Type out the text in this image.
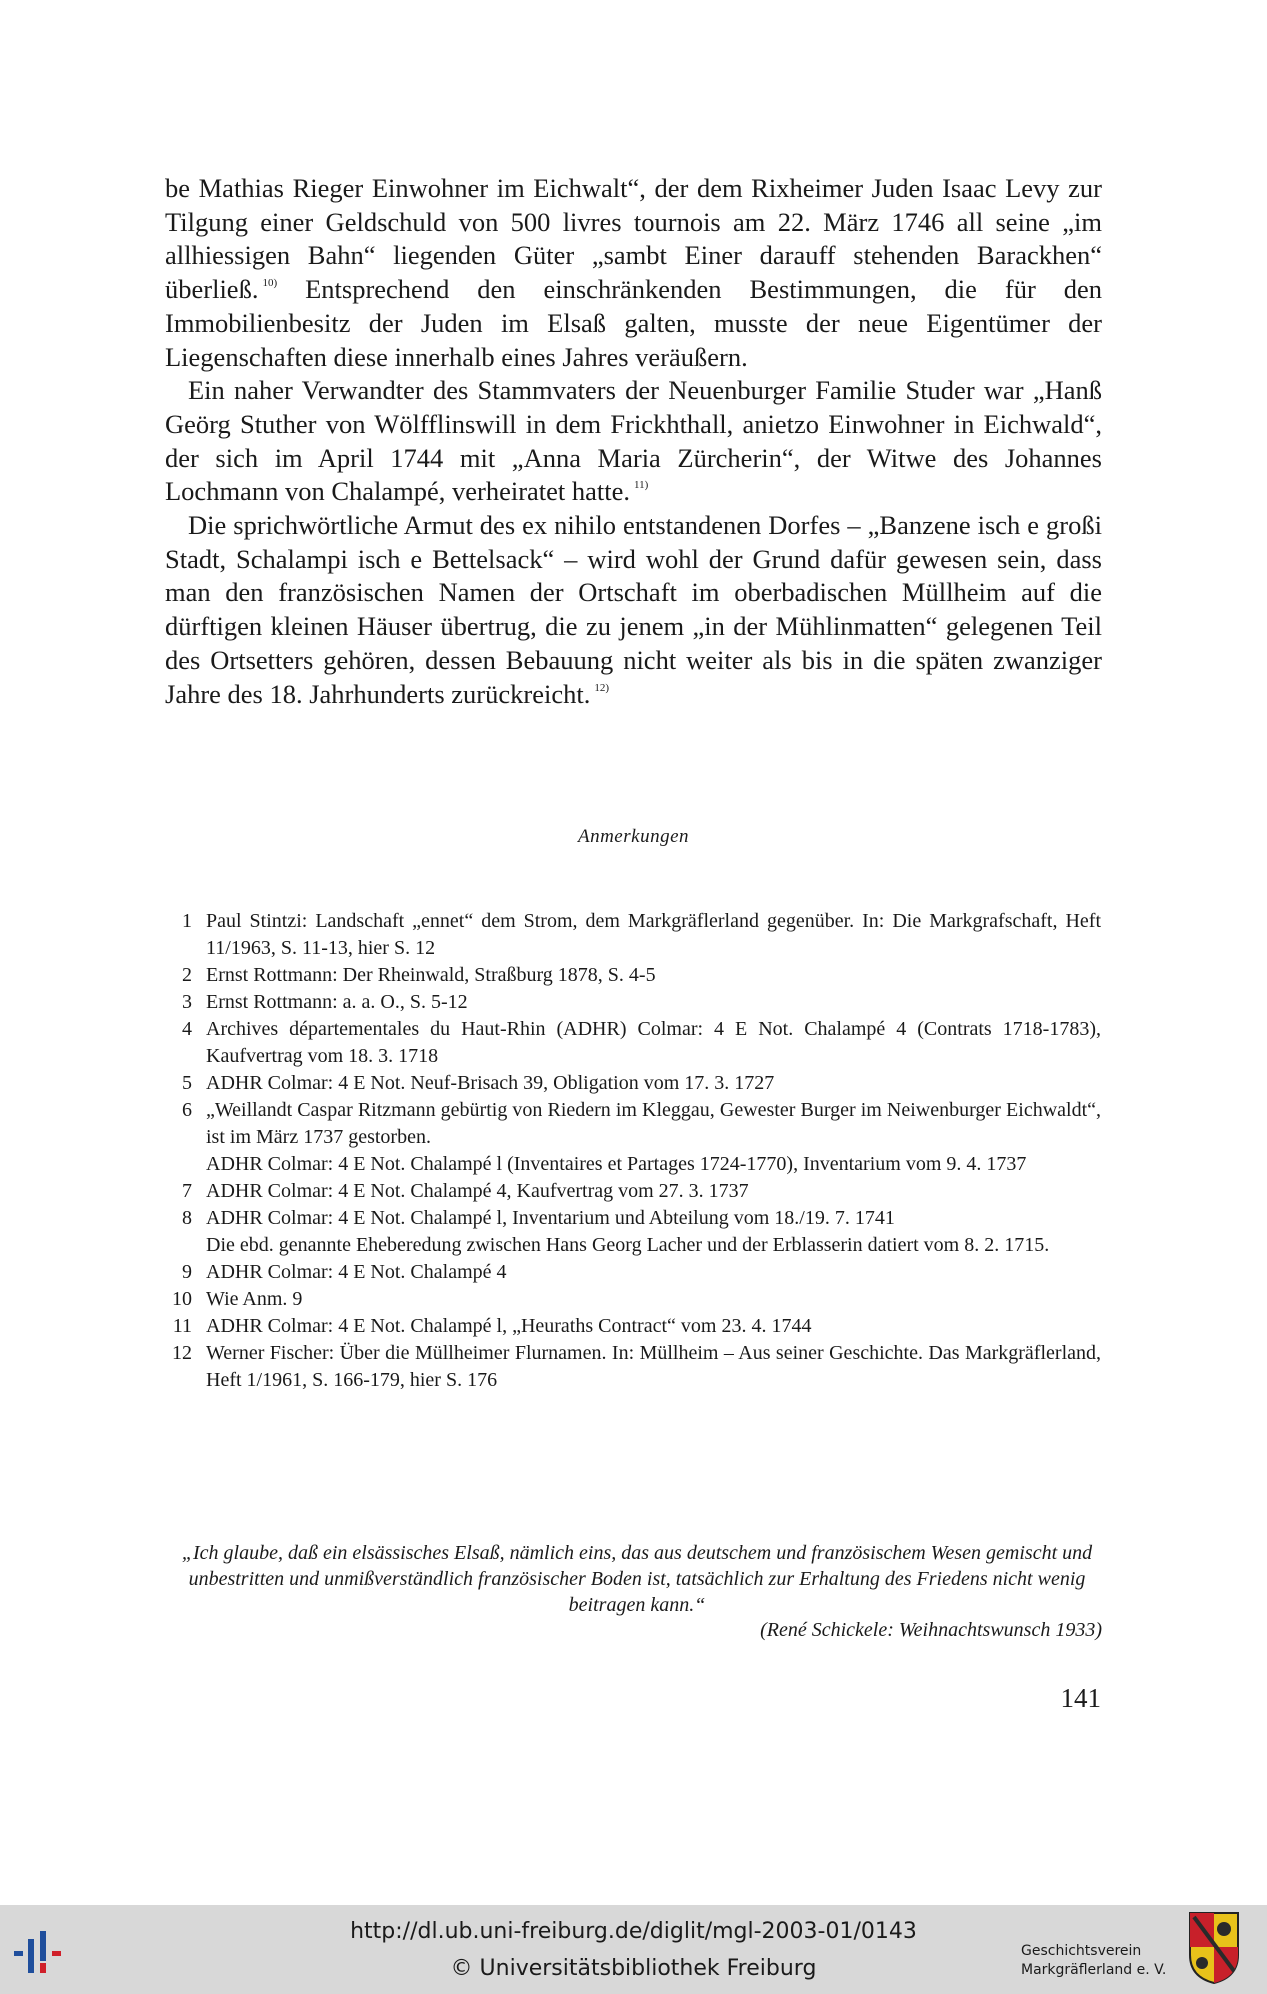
be Mathias Rieger Einwohner im Eichwalt“, der dem Rixheimer Juden Isaac Levy zur Tilgung einer Geldschuld von 500 livres tournois am 22. März 1746 all seine „im allhiessigen Bahn“ liegenden Güter „sambt Einer darauff stehenden Barackhen“ überließ. $^{10)}$ Entsprechend den einschränkenden Bestimmungen, die für den Immobilienbesitz der Juden im Elsaß galten, musste der neue Eigentümer der Liegenschaften diese innerhalb eines Jahres veräußern.

Ein naher Verwandter des Stammvaters der Neuenburger Familie Studer war „Hanß Geörg Stuther von Wölfflinswill in dem Frickhthall, anietzo Einwohner in Eichwald“, der sich im April 1744 mit „Anna Maria Zürcherin“, der Witwe des Johannes Lochmann von Chalampé, verheiratet hatte. $^{11)}$

Die sprichwörtliche Armut des ex nihilo entstandenen Dorfes – „Banzene isch e großi Stadt, Schalampi isch e Bettelsack“ – wird wohl der Grund dafür gewesen sein, dass man den französischen Namen der Ortschaft im oberbadischen Müllheim auf die dürftigen kleinen Häuser übertrug, die zu jenem „in der Mühlinmatten“ gelegenen Teil des Ortsetters gehören, dessen Bebauung nicht weiter als bis in die späten zwanziger Jahre des 18. Jahrhunderts zurückreicht. $^{12)}$

Anmerkungen
1 Paul Stintzi: Landschaft „ennet“ dem Strom, dem Markgräflerland gegenüber. In: Die Markgrafschaft, Heft 11/1963, S. 11-13, hier S. 12
2 Ernst Rottmann: Der Rheinwald, Straßburg 1878, S. 4-5
3 Ernst Rottmann: a. a. O., S. 5-12
4 Archives départementales du Haut-Rhin (ADHR) Colmar: 4 E Not. Chalampé 4 (Contrats 1718-1783), Kaufvertrag vom 18. 3. 1718
5 ADHR Colmar: 4 E Not. Neuf-Brisach 39, Obligation vom 17. 3. 1727
6 „Weillandt Caspar Ritzmann gebürtig von Riedern im Kleggau, Gewester Burger im Neiwenburger Eichwaldt“, ist im März 1737 gestorben.
ADHR Colmar: 4 E Not. Chalampé l (Inventaires et Partages 1724-1770), Inventarium vom 9. 4. 1737
7 ADHR Colmar: 4 E Not. Chalampé 4, Kaufvertrag vom 27. 3. 1737
8 ADHR Colmar: 4 E Not. Chalampé l, Inventarium und Abteilung vom 18./19. 7. 1741
Die ebd. genannte Eheberedung zwischen Hans Georg Lacher und der Erblasserin datiert vom 8. 2. 1715.
9 ADHR Colmar: 4 E Not. Chalampé 4
10 Wie Anm. 9
11 ADHR Colmar: 4 E Not. Chalampé l, „Heuraths Contract“ vom 23. 4. 1744
12 Werner Fischer: Über die Müllheimer Flurnamen. In: Müllheim – Aus seiner Geschichte. Das Markgräflerland, Heft 1/1961, S. 166-179, hier S. 176
„Ich glaube, daß ein elsässisches Elsaß, nämlich eins, das aus deutschem und französischem Wesen gemischt und unbestritten und unmißverständlich französischer Boden ist, tatsächlich zur Erhaltung des Friedens nicht wenig beitragen kann.“
(René Schickele: Weihnachtswunsch 1933)
141
http://dl.ub.uni-freiburg.de/diglit/mgl-2003-01/0143
© Universitätsbibliothek Freiburg
Geschichtsverein
Markgräflerland e. V.
